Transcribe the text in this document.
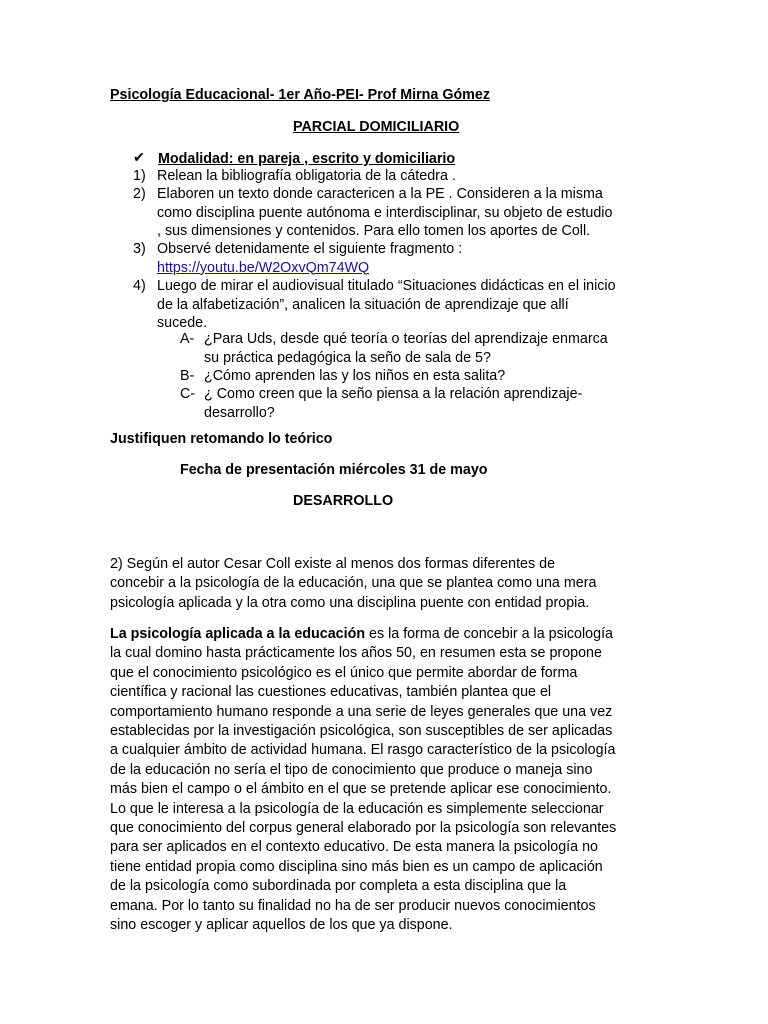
Psicología Educacional- 1er Año-PEI- Prof Mirna Gómez
PARCIAL DOMICILIARIO
✔ Modalidad: en pareja , escrito y domiciliario
1) Relean la bibliografía obligatoria de la cátedra .
2) Elaboren un texto donde caractericen a la PE . Consideren a la misma
como disciplina puente autónoma e interdisciplinar, su objeto de estudio
, sus dimensiones y contenidos. Para ello tomen los aportes de Coll.
3) Observé detenidamente el siguiente fragmento :
https://youtu.be/W2OxvQm74WQ
4) Luego de mirar el audiovisual titulado “Situaciones didácticas en el inicio
de la alfabetización”, analicen la situación de aprendizaje que allí
sucede.
A- ¿Para Uds, desde qué teoría o teorías del aprendizaje enmarca
su práctica pedagógica la seño de sala de 5?
B- ¿Cómo aprenden las y los niños en esta salita?
C- ¿ Como creen que la seño piensa a la relación aprendizaje-
desarrollo?
Justifiquen retomando lo teórico
Fecha de presentación miércoles 31 de mayo
DESARROLLO
2) Según el autor Cesar Coll existe al menos dos formas diferentes de
concebir a la psicología de la educación, una que se plantea como una mera
psicología aplicada y la otra como una disciplina puente con entidad propia.
La psicología aplicada a la educación es la forma de concebir a la psicología
la cual domino hasta prácticamente los años 50, en resumen esta se propone
que el conocimiento psicológico es el único que permite abordar de forma
científica y racional las cuestiones educativas, también plantea que el
comportamiento humano responde a una serie de leyes generales que una vez
establecidas por la investigación psicológica, son susceptibles de ser aplicadas
a cualquier ámbito de actividad humana. El rasgo característico de la psicología
de la educación no sería el tipo de conocimiento que produce o maneja sino
más bien el campo o el ámbito en el que se pretende aplicar ese conocimiento.
Lo que le interesa a la psicología de la educación es simplemente seleccionar
que conocimiento del corpus general elaborado por la psicología son relevantes
para ser aplicados en el contexto educativo. De esta manera la psicología no
tiene entidad propia como disciplina sino más bien es un campo de aplicación
de la psicología como subordinada por completa a esta disciplina que la
emana. Por lo tanto su finalidad no ha de ser producir nuevos conocimientos
sino escoger y aplicar aquellos de los que ya dispone.
